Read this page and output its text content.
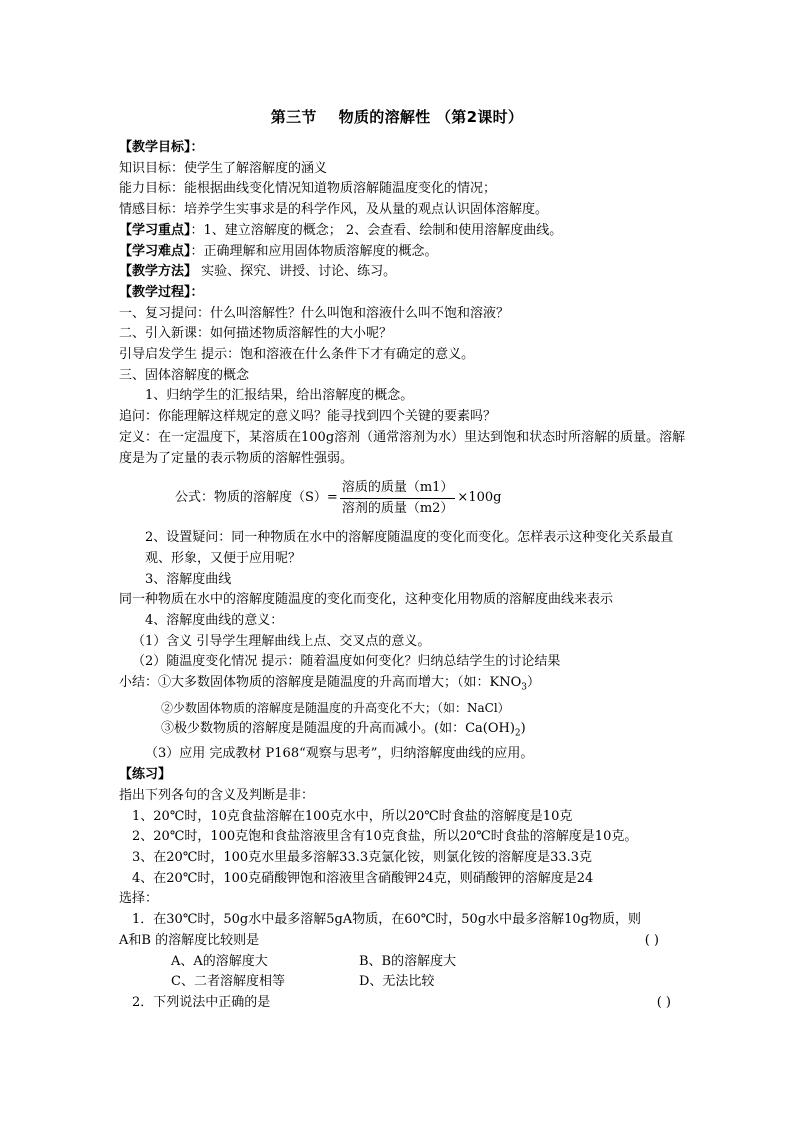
第三节 物质的溶解性 （第2课时）
【教学目标】：
知识目标：使学生了解溶解度的涵义
能力目标：能根据曲线变化情况知道物质溶解随温度变化的情况；
情感目标：培养学生实事求是的科学作风，及从量的观点认识固体溶解度。
【学习重点】：1、建立溶解度的概念； 2、会查看、绘制和使用溶解度曲线。
【学习难点】：正确理解和应用固体物质溶解度的概念。
【教学方法】 实验、探究、讲授、讨论、练习。
【教学过程】：
一、复习提问：什么叫溶解性？什么叫饱和溶液什么叫不饱和溶液？
二、引入新课：如何描述物质溶解性的大小呢？
引导启发学生 提示：饱和溶液在什么条件下才有确定的意义。
三、固体溶解度的概念
1、归纳学生的汇报结果，给出溶解度的概念。
追问：你能理解这样规定的意义吗？能寻找到四个关键的要素吗？
定义：在一定温度下，某溶质在100g溶剂（通常溶剂为水）里达到饱和状态时所溶解的质量。溶解度是为了定量的表示物质的溶解性强弱。
公式：物质的溶解度$(S)= \frac{\text{溶质的质量（m1）}}{\text{溶剂的质量（m2）}} \times 100g$
2、设置疑问：同一种物质在水中的溶解度随温度的变化而变化。怎样表示这种变化关系最直观、形象，又便于应用呢？
3、溶解度曲线
同一种物质在水中的溶解度随温度的变化而变化，这种变化用物质的溶解度曲线来表示
4、溶解度曲线的意义：
（1）含义 引导学生理解曲线上点、交叉点的意义。
（2）随温度变化情况 提示：随着温度如何变化？归纳总结学生的讨论结果
小结：①大多数固体物质的溶解度是随温度的升高而增大；（如：$KNO_3$）
②少数固体物质的溶解度是随温度的升高变化不大；（如：NaCl）
③极少数物质的溶解度是随温度的升高而减小。(如：$Ca(OH)_2$)
（3）应用 完成教材 P168“观察与思考”，归纳溶解度曲线的应用。
【练习】
指出下列各句的含义及判断是非：
1、20℃时，10克食盐溶解在100克水中，所以20℃时食盐的溶解度是10克
2、20℃时，100克饱和食盐溶液里含有10克食盐，所以20℃时食盐的溶解度是10克。
3、在20℃时，100克水里最多溶解33.3克氯化铵，则氯化铵的溶解度是33.3克
4、在20℃时，100克硝酸钾饱和溶液里含硝酸钾24克，则硝酸钾的溶解度是24
选择：
1．在30℃时，50g水中最多溶解5gA物质，在60℃时，50g水中最多溶解10g物质，则
A和B 的溶解度比较则是	( )
A、A的溶解度大	B、B的溶解度大
C、二者溶解度相等	D、无法比较
2．下列说法中正确的是	( )
